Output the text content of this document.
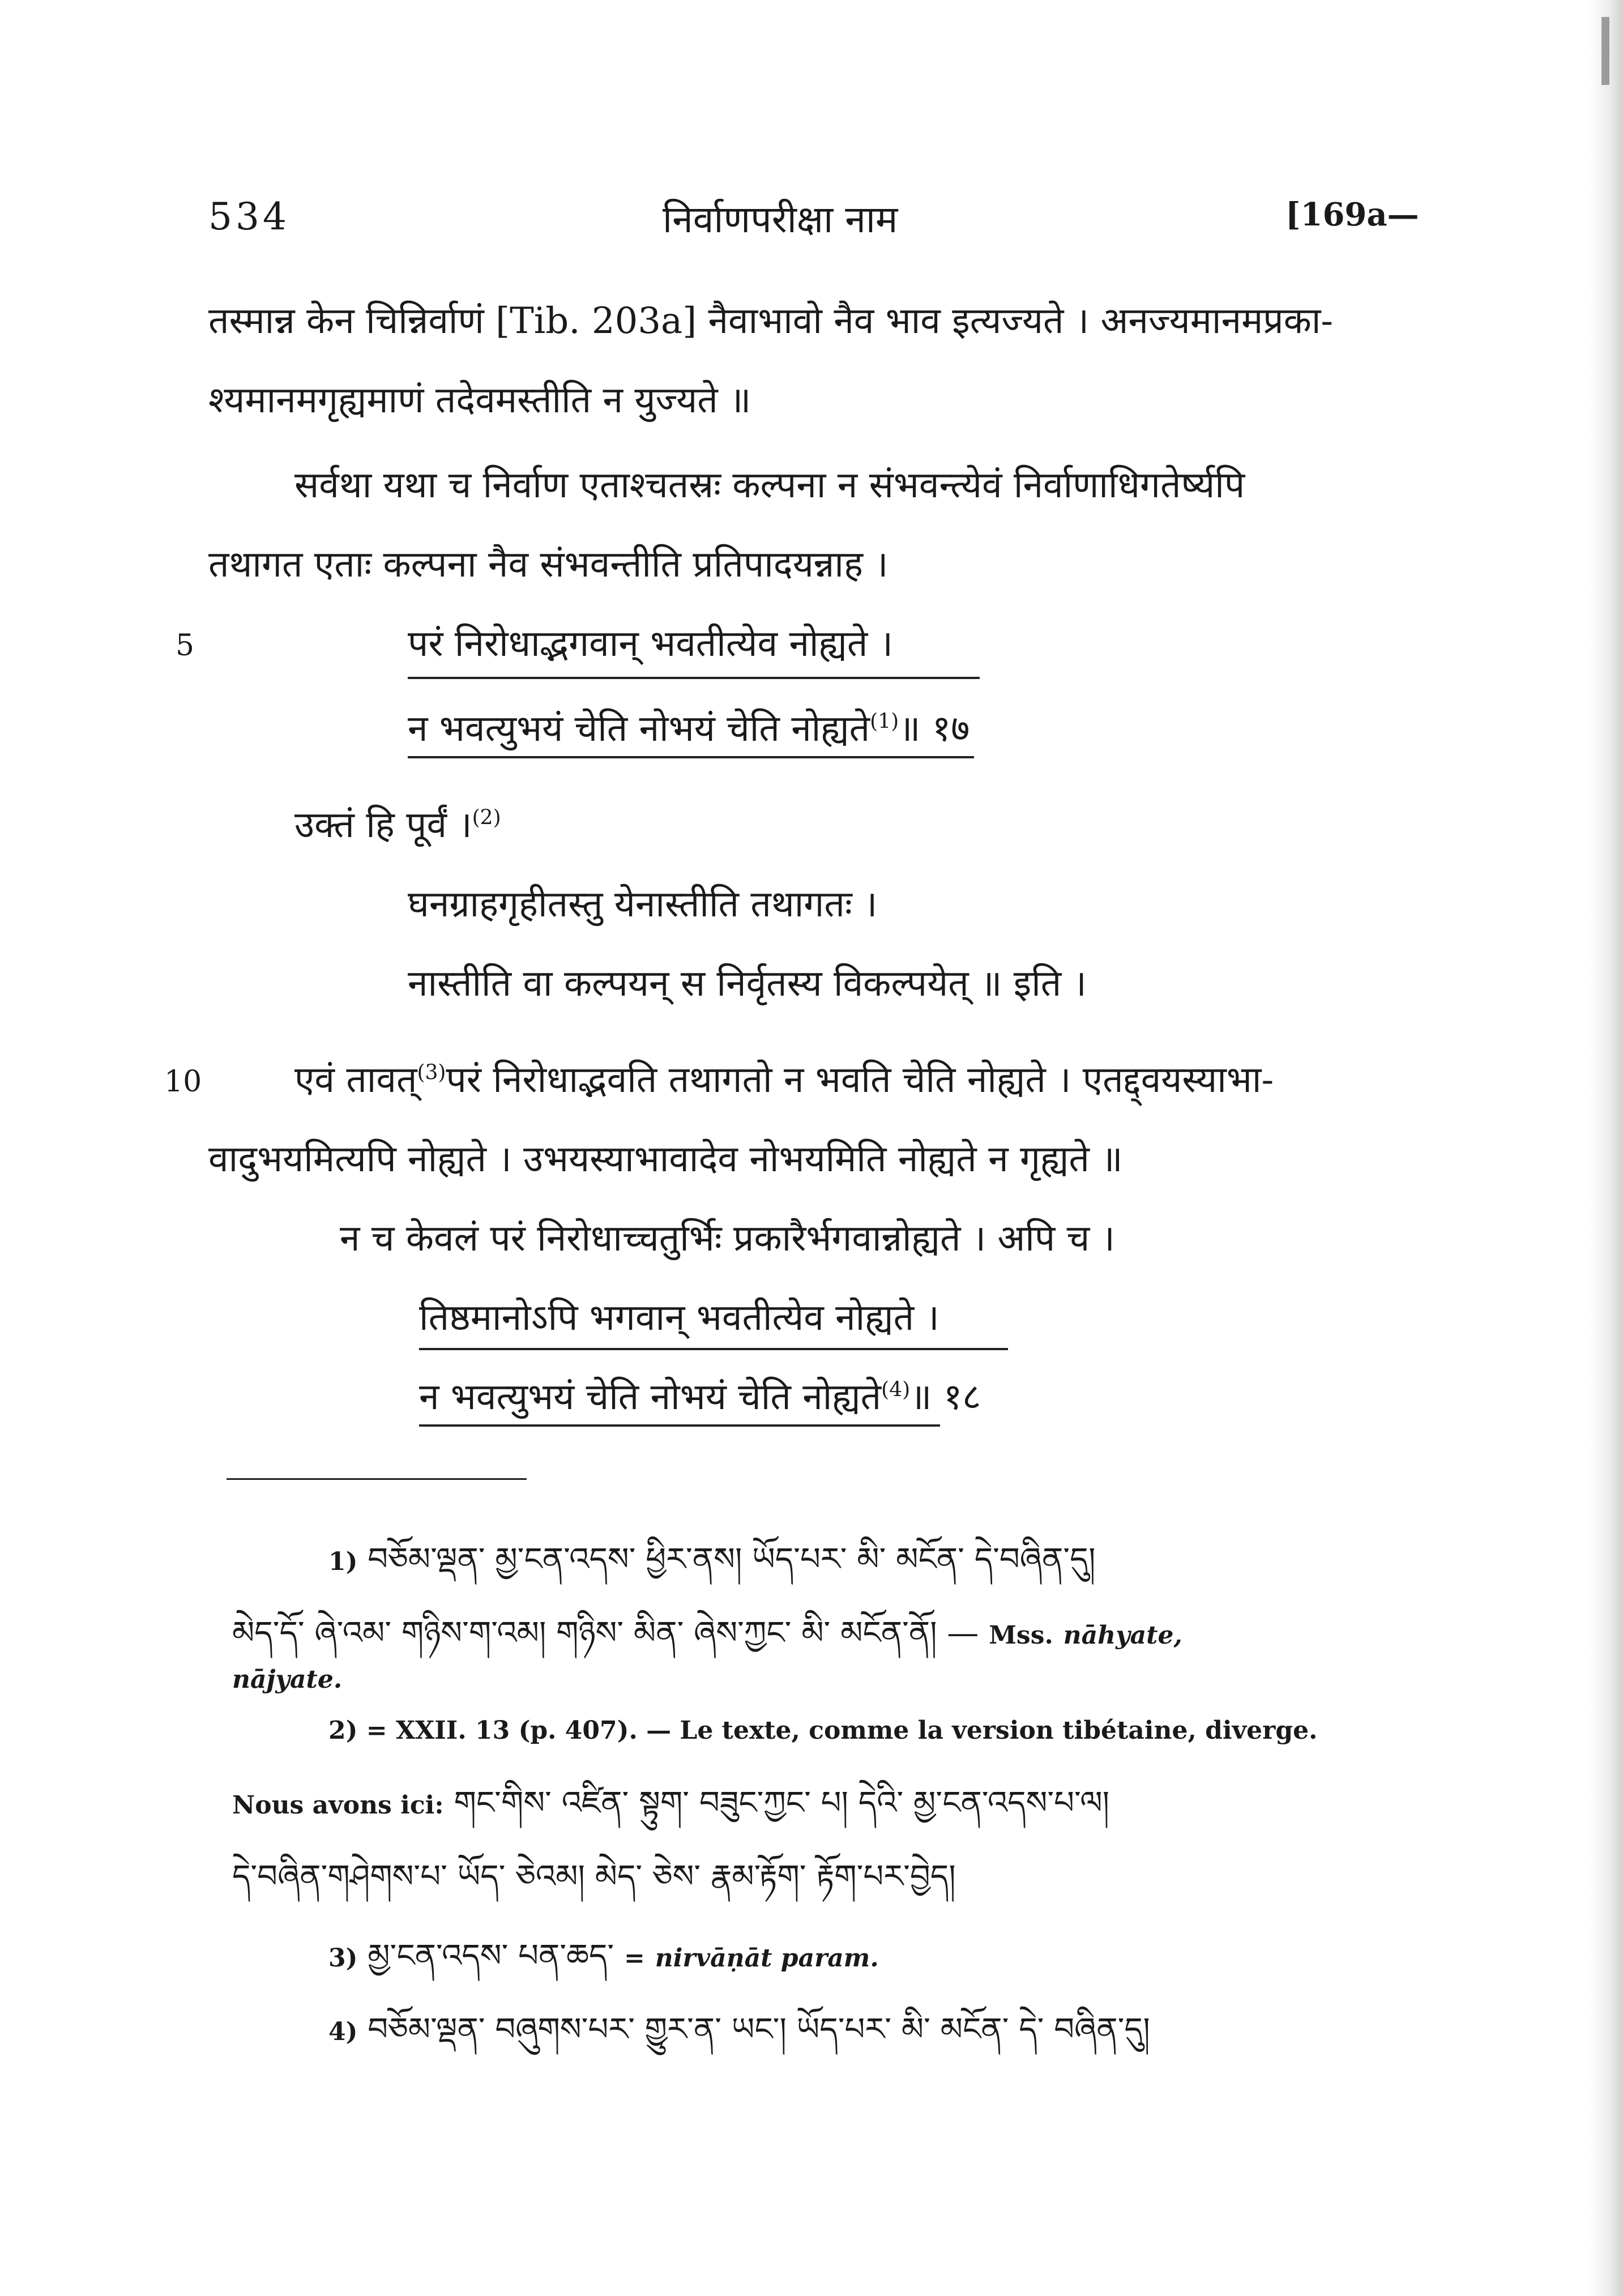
534	निर्वाणपरीक्षा नाम	[169a—
तस्मान्न केन चिन्निर्वाणं [Tib. 203a] नैवाभावो नैव भाव इत्यज्यते । अनज्यमानमप्रका-
श्यमानमगृह्यमाणं तदेवमस्तीति न युज्यते ॥
सर्वथा यथा च निर्वाण एताश्चतस्रः कल्पना न संभवन्त्येवं निर्वाणाधिगतेर्ष्यपि
तथागत एताः कल्पना नैव संभवन्तीति प्रतिपादयन्नाह ।
5	परं निरोधाद्भगवान् भवतीत्येव नोह्यते ।
न भवत्युभयं चेति नोभयं चेति नोह्यते$^{(1)}$॥ १७
उक्तं हि पूर्वं ।$^{(2)}$
घनग्राहगृहीतस्तु येनास्तीति तथागतः ।
नास्तीति वा कल्पयन् स निर्वृतस्य विकल्पयेत् ॥ इति ।
10	एवं तावत्$^{(3)}$परं निरोधाद्भवति तथागतो न भवति चेति नोह्यते । एतद्द्वयस्याभा-
वादुभयमित्यपि नोह्यते । उभयस्याभावादेव नोभयमिति नोह्यते न गृह्यते ॥
न च केवलं परं निरोधाच्चतुर्भिः प्रकारैर्भगवान्नोह्यते । अपि च ।
तिष्ठमानोऽपि भगवान् भवतीत्येव नोह्यते ।
न भवत्युभयं चेति नोभयं चेति नोह्यते$^{(4)}$॥ १८
1) བཅོམ་ལྡན་ མྱ་ངན་འདས་ ཕྱིར་ནས། ཡོད་པར་ མི་ མངོན་ དེ་བཞིན་དུ།
མེད་དོ་ ཞེ་འམ་ གཉིས་ག་འམ། གཉིས་ མིན་ ཞེས་ཀྱང་ མི་ མངོན་ནོ། — Mss. nāhyate,
nājyate.
2) = XXII. 13 (p. 407). — Le texte, comme la version tibétaine, diverge.
Nous avons ici: གང་གིས་ འཛིན་ སྟུག་ བཟུང་ཀྱང་ པ། དེའི་ མྱ་ངན་འདས་པ་ལ།
དེ་བཞིན་གཤེགས་པ་ ཡོད་ ཅེའམ། མེད་ ཅེས་ རྣམ་རྟོག་ རྟོག་པར་བྱེད།
3) མྱ་ངན་འདས་ པན་ཆད་ = nirvāṇāt param.
4) བཅོམ་ལྡན་ བཞུགས་པར་ གྱུར་ན་ ཡང་། ཡོད་པར་ མི་ མངོན་ དེ་ བཞིན་དུ།
